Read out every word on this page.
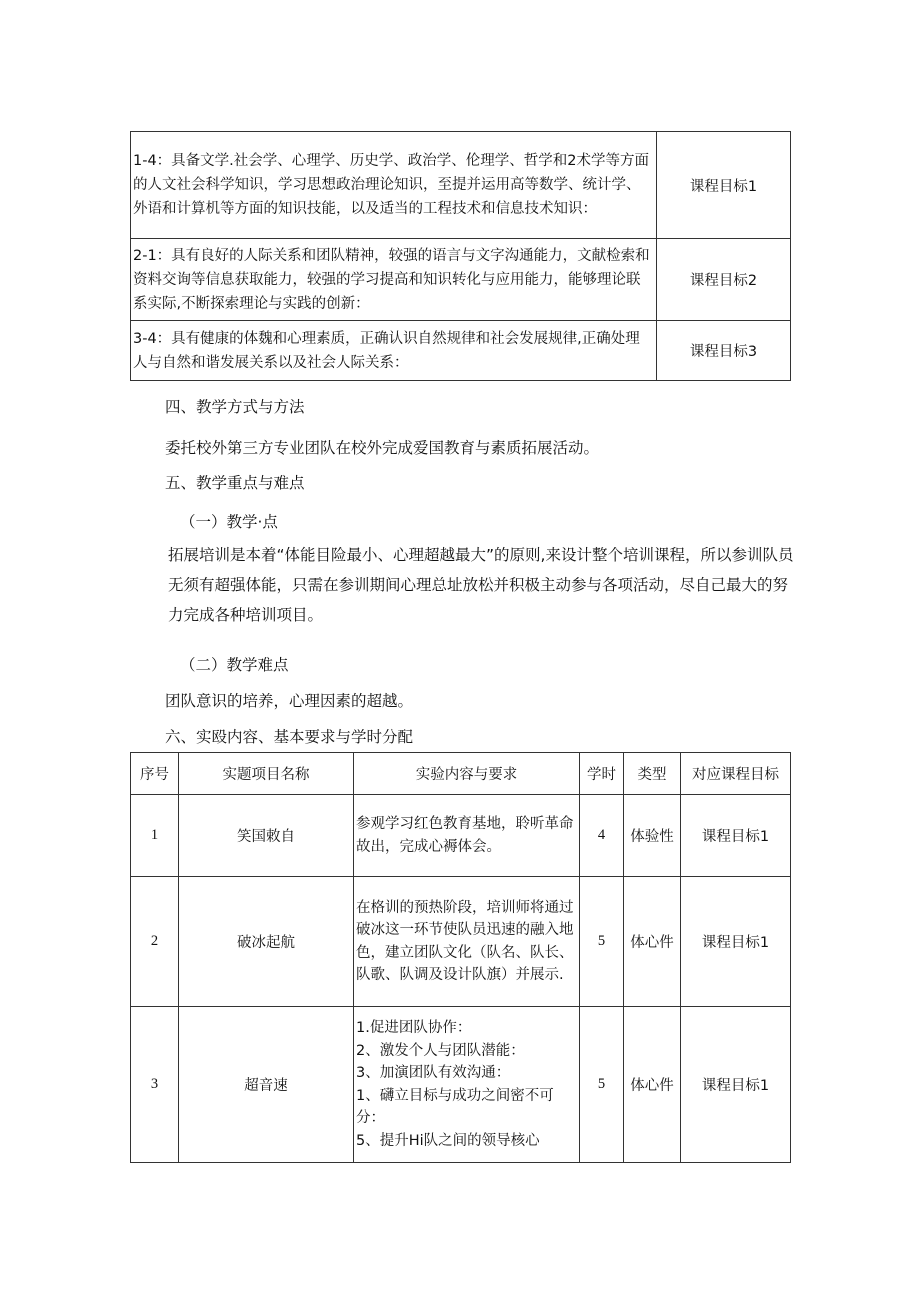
1-4：具备文学.社会学、心理学、历史学、政治学、伦理学、哲学和2术学等方面的人文社会科学知识，学习思想政治理论知识，至提并运用高等数学、统计学、外语和计算机等方面的知识技能，以及适当的工程技术和信息技术知识：	课程目标1
2-1：具有良好的人际关系和团队精神，较强的语言与文字沟通能力，文献检索和资料交询等信息获取能力，较强的学习提高和知识转化与应用能力，能够理论联系实际,不断探索理论与实践的创新：	课程目标2
3-4：具有健康的体魏和心理素质，正确认识自然规律和社会发展规律,正确处理人与自然和谐发展关系以及社会人际关系：	课程目标3
四、教学方式与方法
委托校外第三方专业团队在校外完成爱国教育与素质拓展活动。
五、教学重点与难点
（一）教学·点
拓展培训是本着“体能目险最小、心理超越最大”的原则,来设计整个培训课程，所以参训队员无须有超强体能，只需在参训期间心理总址放松并积极主动参与各项活动，尽自己最大的努力完成各种培训项目。
（二）教学难点
团队意识的培养，心理因素的超越。
六、实殴内容、基本要求与学时分配
序号	实题项目名称	实验内容与要求	学时	类型	对应课程目标
1	笑国敕自	参观学习红色教育基地，聆听革命故出，完成心褥体会。	4	体验性	课程目标1
2	破冰起航	在格训的预热阶段，培训师将通过破冰这一环节使队员迅速的融入地色，建立团队文化（队名、队长、队歌、队调及设计队旗）并展示.	5	体心件	课程目标1
3	超音速	1.促进团队协作：
2、激发个人与团队潜能：
3、加演团队有效沟通：
1、礴立目标与成功之间密不可分：
5、提升Hi队之间的领导核心	5	体心件	课程目标1
